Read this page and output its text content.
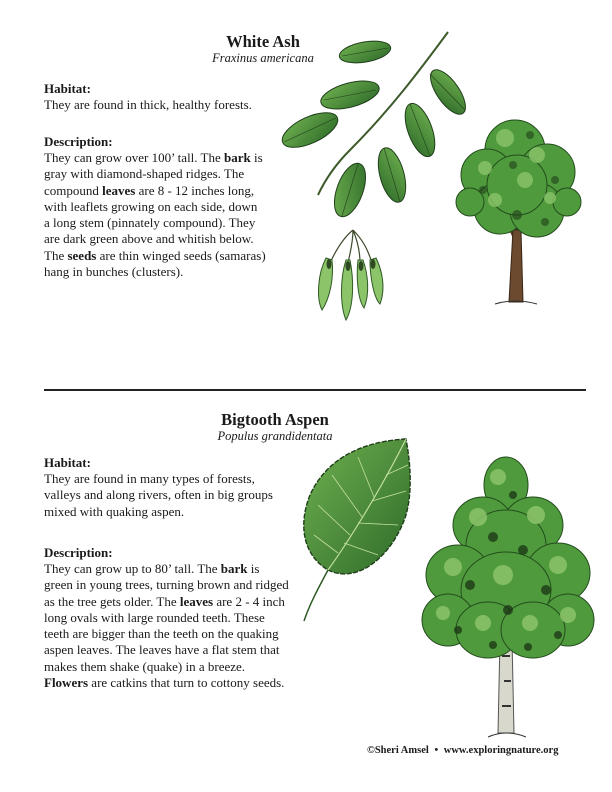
White Ash
Fraxinus americana
Habitat:
They are found in thick, healthy forests.
Description:
They can grow over 100’ tall. The bark is gray with diamond-shaped ridges. The compound leaves are 8 - 12 inches long, with leaflets growing on each side, down a long stem (pinnately compound). They are dark green above and whitish below. The seeds are thin winged seeds (samaras) hang in bunches (clusters).
Bigtooth Aspen
Populus grandidentata
Habitat:
They are found in many types of forests, valleys and along rivers, often in big groups mixed with quaking aspen.
Description:
They can grow up to 80’ tall. The bark is green in young trees, turning brown and ridged as the tree gets older. The leaves are 2 - 4 inch long ovals with large rounded teeth. These teeth are bigger than the teeth on the quaking aspen leaves. The leaves have a flat stem that makes them shake (quake) in a breeze. Flowers are catkins that turn to cottony seeds.
©Sheri Amsel • www.exploringnature.org
